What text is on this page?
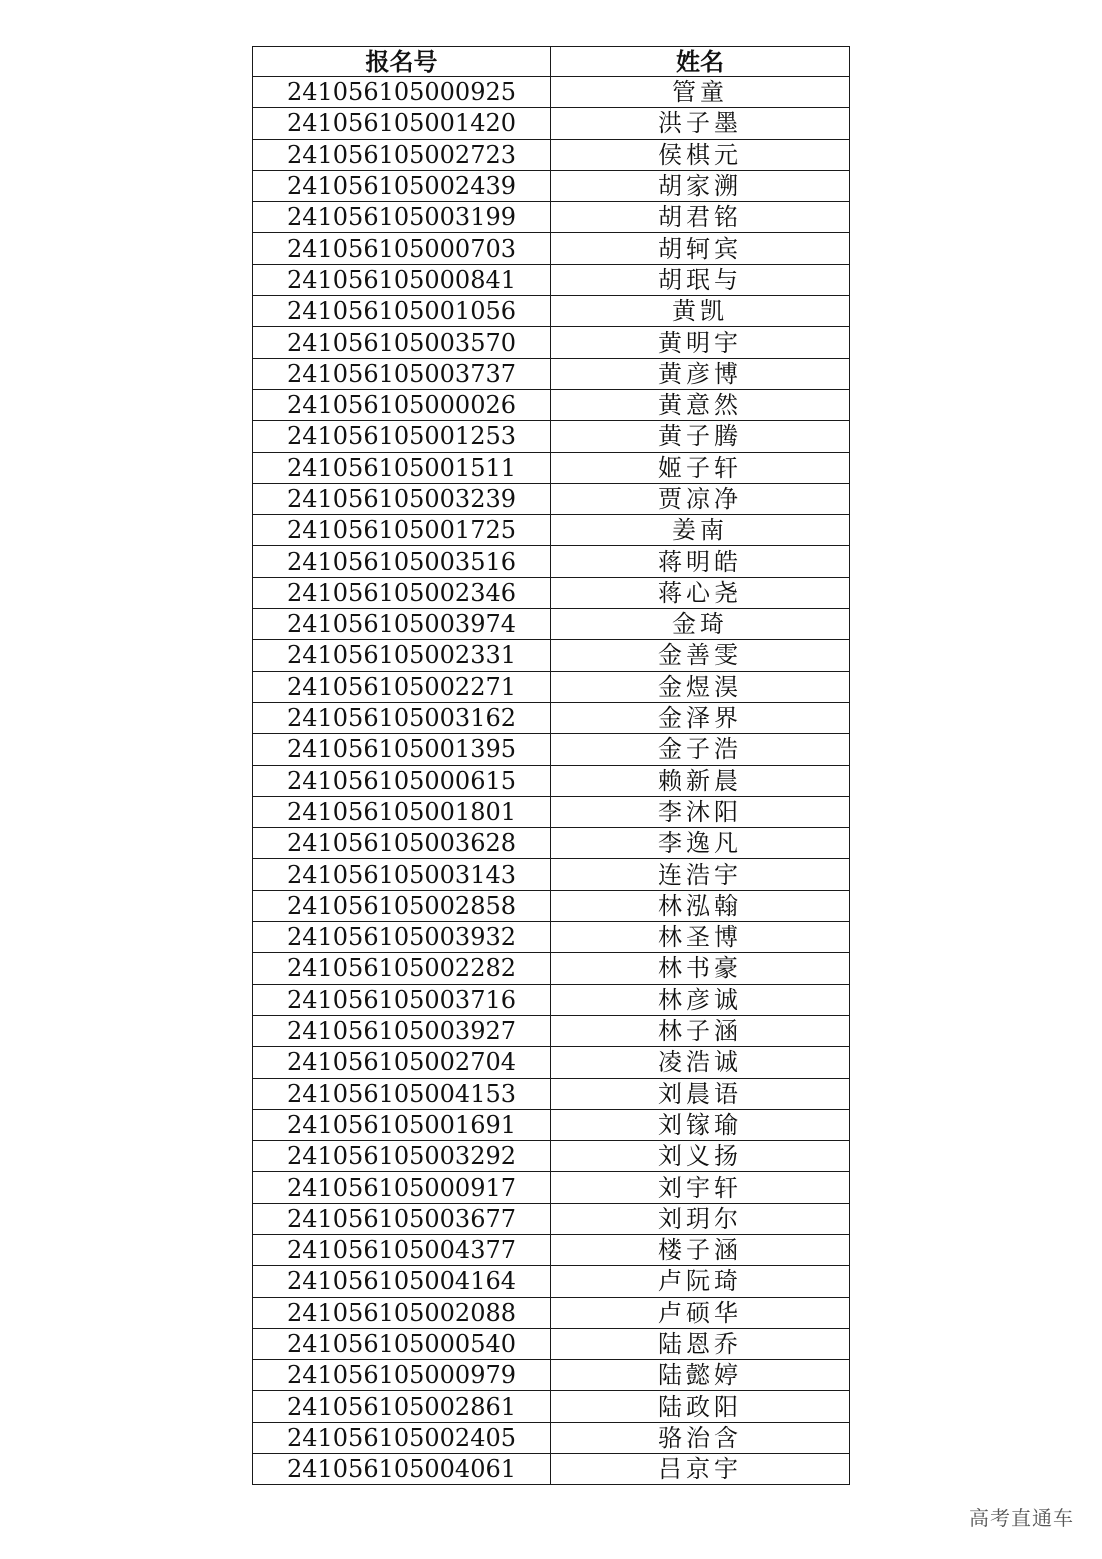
报名号	姓名
241056105000925	管童
241056105001420	洪子墨
241056105002723	侯棋元
241056105002439	胡家溯
241056105003199	胡君铭
241056105000703	胡轲宾
241056105000841	胡珉与
241056105001056	黄凯
241056105003570	黄明宇
241056105003737	黄彦博
241056105000026	黄意然
241056105001253	黄子腾
241056105001511	姬子轩
241056105003239	贾凉净
241056105001725	姜南
241056105003516	蒋明皓
241056105002346	蒋心尧
241056105003974	金琦
241056105002331	金善雯
241056105002271	金煜淏
241056105003162	金泽界
241056105001395	金子浩
241056105000615	赖新晨
241056105001801	李沐阳
241056105003628	李逸凡
241056105003143	连浩宇
241056105002858	林泓翰
241056105003932	林圣博
241056105002282	林书豪
241056105003716	林彦诚
241056105003927	林子涵
241056105002704	凌浩诚
241056105004153	刘晨语
241056105001691	刘镓瑜
241056105003292	刘义扬
241056105000917	刘宇轩
241056105003677	刘玥尔
241056105004377	楼子涵
241056105004164	卢阮琦
241056105002088	卢硕华
241056105000540	陆恩乔
241056105000979	陆懿婷
241056105002861	陆政阳
241056105002405	骆治含
241056105004061	吕京宇
高考直通车
